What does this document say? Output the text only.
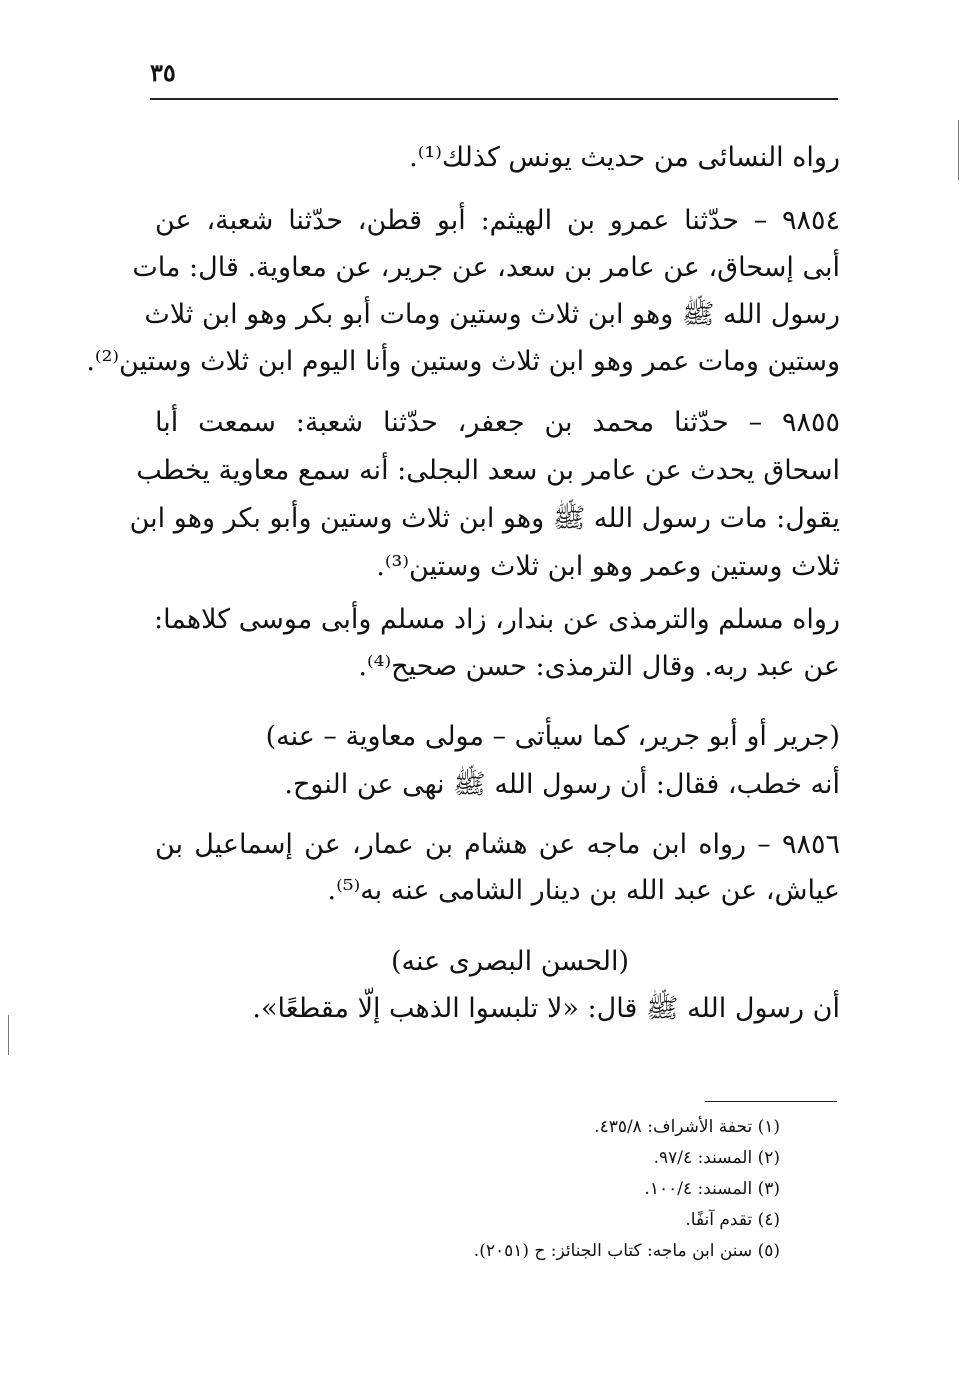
٣٥
رواه النسائى من حديث يونس كذلك⁽¹⁾.
٩٨٥٤ – حدّثنا عمرو بن الهيثم: أبو قطن، حدّثنا شعبة، عن
أبى إسحاق، عن عامر بن سعد، عن جرير، عن معاوية. قال: مات
رسول الله ﷺ وهو ابن ثلاث وستين ومات أبو بكر وهو ابن ثلاث
وستين ومات عمر وهو ابن ثلاث وستين وأنا اليوم ابن ثلاث وستين⁽²⁾.
٩٨٥٥ – حدّثنا محمد بن جعفر، حدّثنا شعبة: سمعت أبا
اسحاق يحدث عن عامر بن سعد البجلى: أنه سمع معاوية يخطب
يقول: مات رسول الله ﷺ وهو ابن ثلاث وستين وأبو بكر وهو ابن
ثلاث وستين وعمر وهو ابن ثلاث وستين⁽³⁾.
رواه مسلم والترمذى عن بندار، زاد مسلم وأبى موسى كلاهما:
عن عبد ربه. وقال الترمذى: حسن صحيح⁽⁴⁾.
(جرير أو أبو جرير، كما سيأتى – مولى معاوية – عنه)
أنه خطب، فقال: أن رسول الله ﷺ نهى عن النوح.
٩٨٥٦ – رواه ابن ماجه عن هشام بن عمار، عن إسماعيل بن
عياش، عن عبد الله بن دينار الشامى عنه به⁽⁵⁾.
(الحسن البصرى عنه)
أن رسول الله ﷺ قال: «لا تلبسوا الذهب إلّا مقطعًا».
(١) تحفة الأشراف: ٤٣٥/٨.
(٢) المسند: ٩٧/٤.
(٣) المسند: ١٠٠/٤.
(٤) تقدم آنفًا.
(٥) سنن ابن ماجه: كتاب الجنائز: ح (٢٠٥١).
